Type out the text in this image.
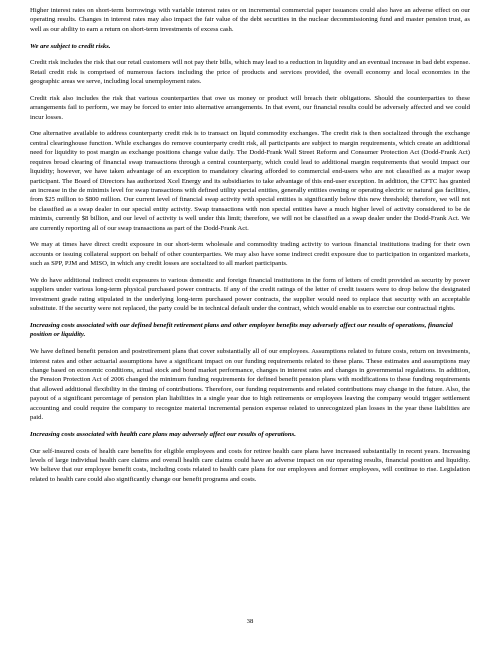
Higher interest rates on short-term borrowings with variable interest rates or on incremental commercial paper issuances could also have an adverse effect on our operating results. Changes in interest rates may also impact the fair value of the debt securities in the nuclear decommissioning fund and master pension trust, as well as our ability to earn a return on short-term investments of excess cash.

We are subject to credit risks.

Credit risk includes the risk that our retail customers will not pay their bills, which may lead to a reduction in liquidity and an eventual increase in bad debt expense. Retail credit risk is comprised of numerous factors including the price of products and services provided, the overall economy and local economies in the geographic areas we serve, including local unemployment rates.

Credit risk also includes the risk that various counterparties that owe us money or product will breach their obligations. Should the counterparties to these arrangements fail to perform, we may be forced to enter into alternative arrangements. In that event, our financial results could be adversely affected and we could incur losses.

One alternative available to address counterparty credit risk is to transact on liquid commodity exchanges. The credit risk is then socialized through the exchange central clearinghouse function. While exchanges do remove counterparty credit risk, all participants are subject to margin requirements, which create an additional need for liquidity to post margin as exchange positions change value daily. The Dodd-Frank Wall Street Reform and Consumer Protection Act (Dodd-Frank Act) requires broad clearing of financial swap transactions through a central counterparty, which could lead to additional margin requirements that would impact our liquidity; however, we have taken advantage of an exception to mandatory clearing afforded to commercial end-users who are not classified as a major swap participant. The Board of Directors has authorized Xcel Energy and its subsidiaries to take advantage of this end-user exception. In addition, the CFTC has granted an increase in the de minimis level for swap transactions with defined utility special entities, generally entities owning or operating electric or natural gas facilities, from $25 million to $800 million. Our current level of financial swap activity with special entities is significantly below this new threshold; therefore, we will not be classified as a swap dealer in our special entity activity. Swap transactions with non special entities have a much higher level of activity considered to be de minimis, currently $8 billion, and our level of activity is well under this limit; therefore, we will not be classified as a swap dealer under the Dodd-Frank Act. We are currently reporting all of our swap transactions as part of the Dodd-Frank Act.

We may at times have direct credit exposure in our short-term wholesale and commodity trading activity to various financial institutions trading for their own accounts or issuing collateral support on behalf of other counterparties. We may also have some indirect credit exposure due to participation in organized markets, such as SPP, PJM and MISO, in which any credit losses are socialized to all market participants.

We do have additional indirect credit exposures to various domestic and foreign financial institutions in the form of letters of credit provided as security by power suppliers under various long-term physical purchased power contracts. If any of the credit ratings of the letter of credit issuers were to drop below the designated investment grade rating stipulated in the underlying long-term purchased power contracts, the supplier would need to replace that security with an acceptable substitute. If the security were not replaced, the party could be in technical default under the contract, which would enable us to exercise our contractual rights.

Increasing costs associated with our defined benefit retirement plans and other employee benefits may adversely affect our results of operations, financial position or liquidity.

We have defined benefit pension and postretirement plans that cover substantially all of our employees. Assumptions related to future costs, return on investments, interest rates and other actuarial assumptions have a significant impact on our funding requirements related to these plans. These estimates and assumptions may change based on economic conditions, actual stock and bond market performance, changes in interest rates and changes in governmental regulations. In addition, the Pension Protection Act of 2006 changed the minimum funding requirements for defined benefit pension plans with modifications to these funding requirements that allowed additional flexibility in the timing of contributions. Therefore, our funding requirements and related contributions may change in the future. Also, the payout of a significant percentage of pension plan liabilities in a single year due to high retirements or employees leaving the company would trigger settlement accounting and could require the company to recognize material incremental pension expense related to unrecognized plan losses in the year these liabilities are paid.

Increasing costs associated with health care plans may adversely affect our results of operations.

Our self-insured costs of health care benefits for eligible employees and costs for retiree health care plans have increased substantially in recent years. Increasing levels of large individual health care claims and overall health care claims could have an adverse impact on our operating results, financial position and liquidity. We believe that our employee benefit costs, including costs related to health care plans for our employees and former employees, will continue to rise. Legislation related to health care could also significantly change our benefit programs and costs.

38
